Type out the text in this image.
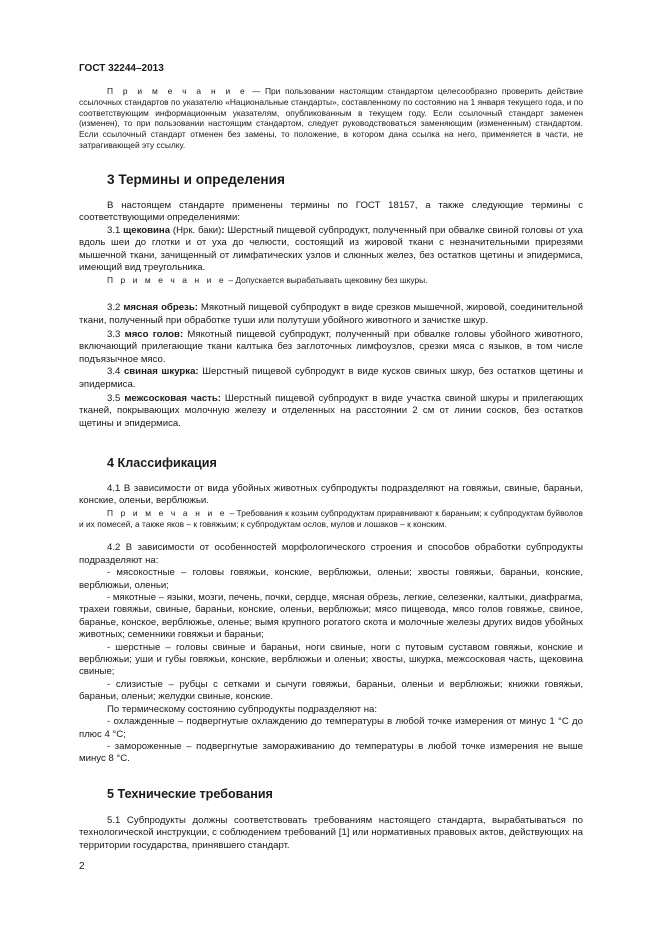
ГОСТ 32244–2013

П р и м е ч а н и е — При пользовании настоящим стандартом целесообразно проверить действие ссылочных стандартов по указателю «Национальные стандарты», составленному по состоянию на 1 января текущего года, и по соответствующим информационным указателям, опубликованным в текущем году. Если ссылочный стандарт заменен (изменен), то при пользовании настоящим стандартом, следует руководствоваться заменяющим (измененным) стандартом. Если ссылочный стандарт отменен без замены, то положение, в котором дана ссылка на него, применяется в части, не затрагивающей эту ссылку.

3 Термины и определения

В настоящем стандарте применены термины по ГОСТ 18157, а также следующие термины с соответствующими определениями:

3.1 щековина (Нрк. баки): Шерстный пищевой субпродукт, полученный при обвалке свиной головы от уха вдоль шеи до глотки и от уха до челюсти, состоящий из жировой ткани с незначительными прирезями мышечной ткани, зачищенный от лимфатических узлов и слюнных желез, без остатков щетины и эпидермиса, имеющий вид треугольника.

П р и м е ч а н и е – Допускается вырабатывать щековину без шкуры.

3.2 мясная обрезь: Мякотный пищевой субпродукт в виде срезков мышечной, жировой, соединительной ткани, полученный при обработке туши или полутуши убойного животного и зачистке шкур.

3.3 мясо голов: Мякотный пищевой субпродукт, полученный при обвалке головы убойного животного, включающий прилегающие ткани калтыка без заглоточных лимфоузлов, срезки мяса с языков, в том числе подъязычное мясо.

3.4 свиная шкурка: Шерстный пищевой субпродукт в виде кусков свиных шкур, без остатков щетины и эпидермиса.

3.5 межсосковая часть: Шерстный пищевой субпродукт в виде участка свиной шкуры и прилегающих тканей, покрывающих молочную железу и отделенных на расстоянии 2 см от линии сосков, без остатков щетины и эпидермиса.

4 Классификация

4.1 В зависимости от вида убойных животных субпродукты подразделяют на говяжьи, свиные, бараньи, конские, оленьи, верблюжьи.

П р и м е ч а н и е – Требования к козьим субпродуктам приравнивают к бараньим; к субпродуктам буйволов и их помесей, а также яков – к говяжьим; к субпродуктам ослов, мулов и лошаков – к конским.

4.2 В зависимости от особенностей морфологического строения и способов обработки субпродукты подразделяют на:

- мясокостные – головы говяжьи, конские, верблюжьи, оленьи; хвосты говяжьи, бараньи, конские, верблюжьи, оленьи;

- мякотные – языки, мозги, печень, почки, сердце, мясная обрезь, легкие, селезенки, калтыки, диафрагма, трахеи говяжьи, свиные, бараньи, конские, оленьи, верблюжьи; мясо пищевода, мясо голов говяжье, свиное, баранье, конское, верблюжье, оленье; вымя крупного рогатого скота и молочные железы других видов убойных животных; семенники говяжьи и бараньи;

- шерстные – головы свиные и бараньи, ноги свиные, ноги с путовым суставом говяжьи, конские и верблюжьи; уши и губы говяжьи, конские, верблюжьи и оленьи; хвосты, шкурка, межсосковая часть, щековина свиные;

- слизистые – рубцы с сетками и сычуги говяжьи, бараньи, оленьи и верблюжьи; книжки говяжьи, бараньи, оленьи; желудки свиные, конские.

По термическому состоянию субпродукты подразделяют на:

- охлажденные – подвергнутые охлаждению до температуры в любой точке измерения от минус 1 °С до плюс 4 °С;

- замороженные – подвергнутые замораживанию до температуры в любой точке измерения не выше минус 8 °С.

5 Технические требования

5.1 Субпродукты должны соответствовать требованиям настоящего стандарта, вырабатываться по технологической инструкции, с соблюдением требований [1] или нормативных правовых актов, действующих на территории государства, принявшего стандарт.

2
